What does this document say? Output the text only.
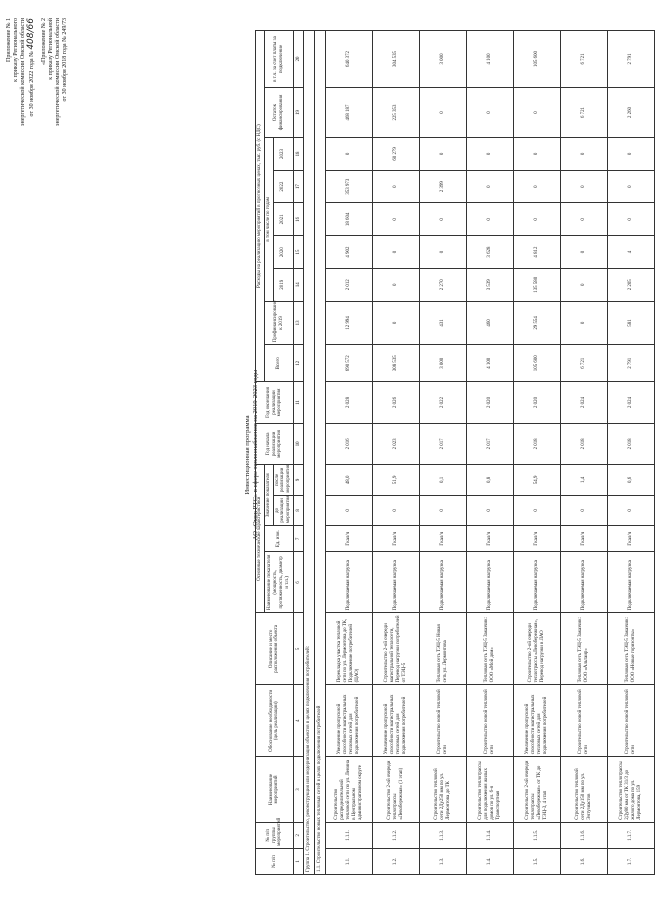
Приложение № 1 к приказу Регионального энергетической комиссии Омской области от 30 ноября 2022 года № 408/66 «Приложение № 2 к приказу Региональной энергетической комиссии Омской области от 30 ноября 2018 года № 249/73
Инвестиционная программа АО «Омск РТС» в сфере теплоснабжения на 2019-2023 годы
№ п/п	№ п/п группы мероприятий	Наименование мероприятий	Обоснование необходимости (цель реализации)	Описание и место расположения объекта	Основные технические характеристики				Год начала реализации мероприятия	Год окончания реализации мероприятия	Расходы на реализацию мероприятий в прогнозных ценах, тыс. руб. (с НДС)								
					Наименование показателя (мощность, протяженность, диаметр и т.п.)	Ед. изм.	Значение показателя				Всего	Профинансировано к 2019	в том числе по годам					Остаток финансирования	в т.ч. за счет платы за подключение
							до реализации мероприятия	после реализации мероприятия					2019	2020	2021	2022	2023		
1	2	3	4	5	6	7	8	9	10	11	12	13	14	15	16	17	18	19	20
Группа 1. Строительство, реконструкция или модернизация объектов в целях подключения потребителей:																			
1.1. Строительство новых тепловых сетей в целях подключения потребителей																			
1.1.	1.1.1.	Строительство распределительной тепловой сети по ул. Ленина в Центральном административном округе	Увеличение пропускной способности магистральных тепловых сетей для подключения потребителей	Перекладка участка тепловой сети по ул. Лермонтова до ТК, Подключение потребителей (ЦАО)	Подключаемая нагрузка	Гкал/ч	0	48,0	2 016	2 028	690 572	12 994	2 012	4 902	18 604	353 973	0	468 187	640 372
1.2.	1.1.2.	Строительство 2-ой очереди теплотрассы «Левобережная» (1 этап)	Увеличение пропускной способности магистральных тепловых сетей для подключения потребителей	Строительство 2-ой очереди магистральной теплосети, Перевод нагрузки потребителей от ТЭЦ-5	Подключаемая нагрузка	Гкал/ч	0	51,9	2 023	2 026	308 535	0	0	0	0	0	60 279	225 353	304 535
1.3.	1.1.3.	Строительство тепловой сети 2Ду250 мм по ул. Лермонтова до ТК	Строительство новой тепловой сети	Тепловая сеть ТЭЦ-5 Новая сеть ул. Лермонтова	Подключаемая нагрузка	Гкал/ч	0	0,1	2 017	2 022	3 000	431	2 270	0	0	2 399	0	0	3 000
1.4.	1.1.4.	Строительство теплотрассы для подключения жилых домов по ул. 6-я Транспортная	Строительство новой тепловой сети	Тепловая сеть ТЭЦ-5 Заказчик: ООО «Мой дом»	Подключаемая нагрузка	Гкал/ч	0	0,8	2 017	2 020	4 100	460	3 539	3 628	0	0	0	0	4 100
1.5.	1.1.5.	Строительство 2-ой очереди теплотрассы «Левобережная» от ТК до ТЭЦ-3, 4 этап	Увеличение пропускной способности магистральных тепловых сетей для подключения потребителей	Строительство 2-ой очереди теплотрассы «Левобережная», Перевод нагрузки в ЛАО	Подключаемая нагрузка	Гкал/ч	0	54,9	2 018	2 020	105 600	29 554	135 580	4 812	0	0	0	0	105 600
1.6.	1.1.6.	Строительство тепловой сети 2Ду150 мм по ул. Энтузиастов	Строительство новой тепловой сети	Тепловая сеть ТЭЦ-5 Заказчик: ООО «Альтаир»	Подключаемая нагрузка	Гкал/ч	0	1,4	2 018	2 024	6 721	0	0	0	0	0	0	6 721	6 721
1.7.	1.1.7.	Строительство теплотрассы 2Ду80 мм от ТК 31/3 до жилого дома по ул. Лермонтова, 159	Строительство новой тепловой сети	Тепловая сеть ТЭЦ-5 Заказчик: ООО «Новые горизонты»	Подключаемая нагрузка	Гкал/ч	0	0,6	2 018	2 024	2 791	581	2 205	4	0	0	0	2 260	2 791
